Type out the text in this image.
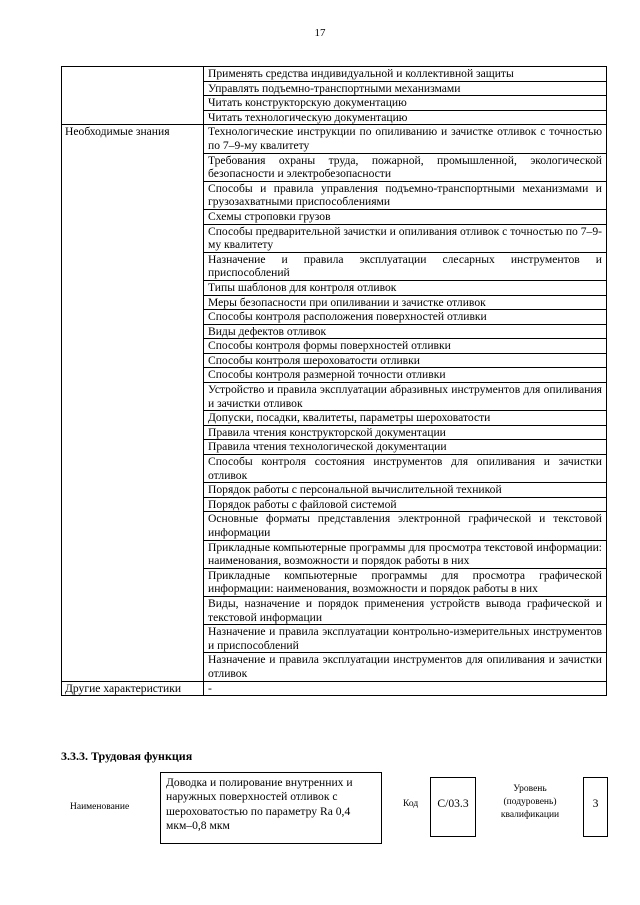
17
	Применять средства индивидуальной и коллективной защиты
	Управлять подъемно-транспортными механизмами
	Читать конструкторскую документацию
	Читать технологическую документацию
Необходимые знания	Технологические инструкции по опиливанию и зачистке отливок с точностью по 7–9-му квалитету
	Требования охраны труда, пожарной, промышленной, экологической безопасности и электробезопасности
	Способы и правила управления подъемно-транспортными механизмами и грузозахватными приспособлениями
	Схемы строповки грузов
	Способы предварительной зачистки и опиливания отливок с точностью по 7–9-му квалитету
	Назначение и правила эксплуатации слесарных инструментов и приспособлений
	Типы шаблонов для контроля отливок
	Меры безопасности при опиливании и зачистке отливок
	Способы контроля расположения поверхностей отливки
	Виды дефектов отливок
	Способы контроля формы поверхностей отливки
	Способы контроля шероховатости отливки
	Способы контроля размерной точности отливки
	Устройство и правила эксплуатации абразивных инструментов для опиливания и зачистки отливок
	Допуски, посадки, квалитеты, параметры шероховатости
	Правила чтения конструкторской документации
	Правила чтения технологической документации
	Способы контроля состояния инструментов для опиливания и зачистки отливок
	Порядок работы с персональной вычислительной техникой
	Порядок работы с файловой системой
	Основные форматы представления электронной графической и текстовой информации
	Прикладные компьютерные программы для просмотра текстовой информации: наименования, возможности и порядок работы в них
	Прикладные компьютерные программы для просмотра графической информации: наименования, возможности и порядок работы в них
	Виды, назначение и порядок применения устройств вывода графической и текстовой информации
	Назначение и правила эксплуатации контрольно-измерительных инструментов и приспособлений
	Назначение и правила эксплуатации инструментов для опиливания и зачистки отливок
Другие характеристики	-
3.3.3. Трудовая функция
Наименование
Доводка и полирование внутренних и наружных поверхностей отливок с шероховатостью по параметру Ra 0,4 мкм–0,8 мкм
Код	C/03.3
Уровень (подуровень) квалификации
3
